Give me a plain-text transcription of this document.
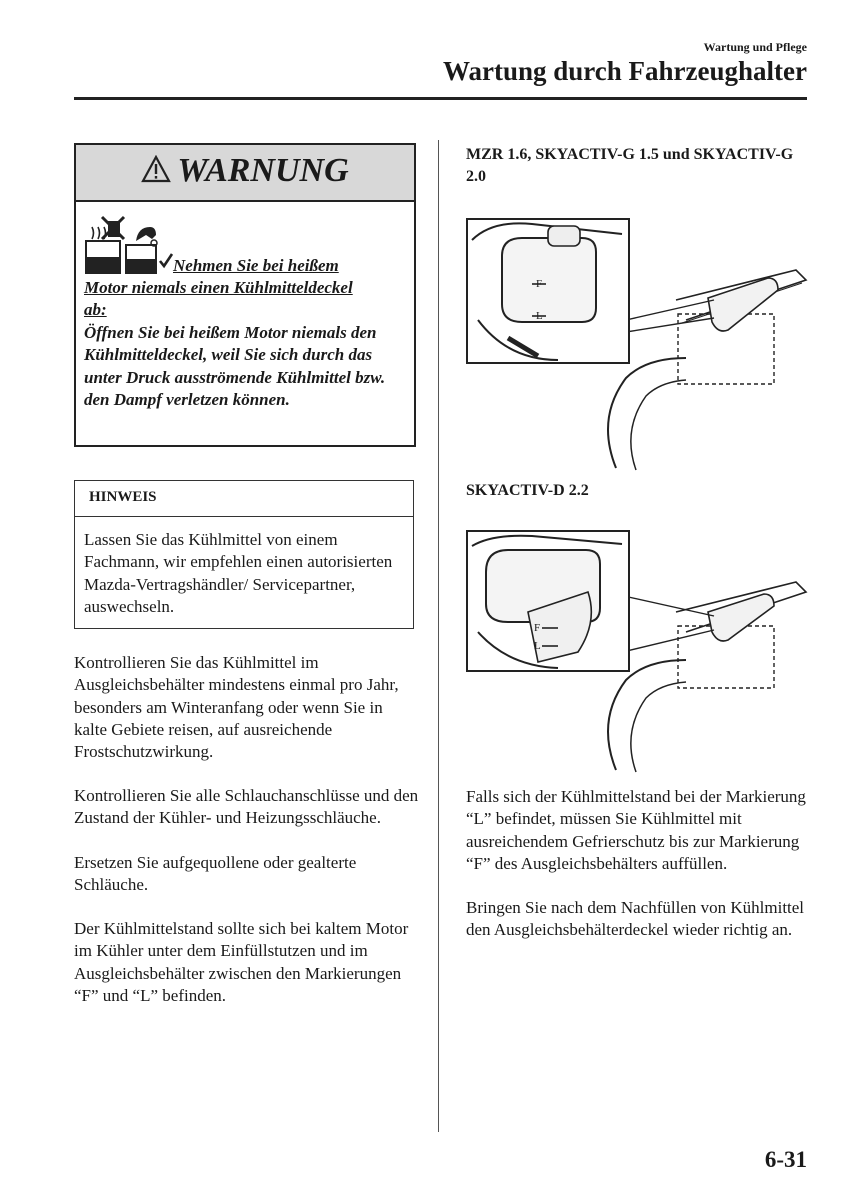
Wartung und Pflege
Wartung durch Fahrzeughalter
WARNUNG
Nehmen Sie bei heißem
Motor niemals einen Kühlmitteldeckel
ab:
Öffnen Sie bei heißem Motor niemals den Kühlmitteldeckel, weil Sie sich durch das unter Druck ausströmende Kühlmittel bzw. den Dampf verletzen können.
HINWEIS
Lassen Sie das Kühlmittel von einem Fachmann, wir empfehlen einen autorisierten Mazda-Vertragshändler/ Servicepartner, auswechseln.
Kontrollieren Sie das Kühlmittel im Ausgleichsbehälter mindestens einmal pro Jahr, besonders am Winteranfang oder wenn Sie in kalte Gebiete reisen, auf ausreichende Frostschutzwirkung.
Kontrollieren Sie alle Schlauchanschlüsse und den Zustand der Kühler- und Heizungsschläuche.
Ersetzen Sie aufgequollene oder gealterte Schläuche.
Der Kühlmittelstand sollte sich bei kaltem Motor im Kühler unter dem Einfüllstutzen und im Ausgleichsbehälter zwischen den Markierungen “F” und “L” befinden.
MZR 1.6, SKYACTIV-G 1.5 und SKYACTIV-G 2.0
F
L
SKYACTIV-D 2.2
F
L
Falls sich der Kühlmittelstand bei der Markierung “L” befindet, müssen Sie Kühlmittel mit ausreichendem Gefrierschutz bis zur Markierung “F” des Ausgleichsbehälters auffüllen.
Bringen Sie nach dem Nachfüllen von Kühlmittel den Ausgleichsbehälterdeckel wieder richtig an.
6-31
